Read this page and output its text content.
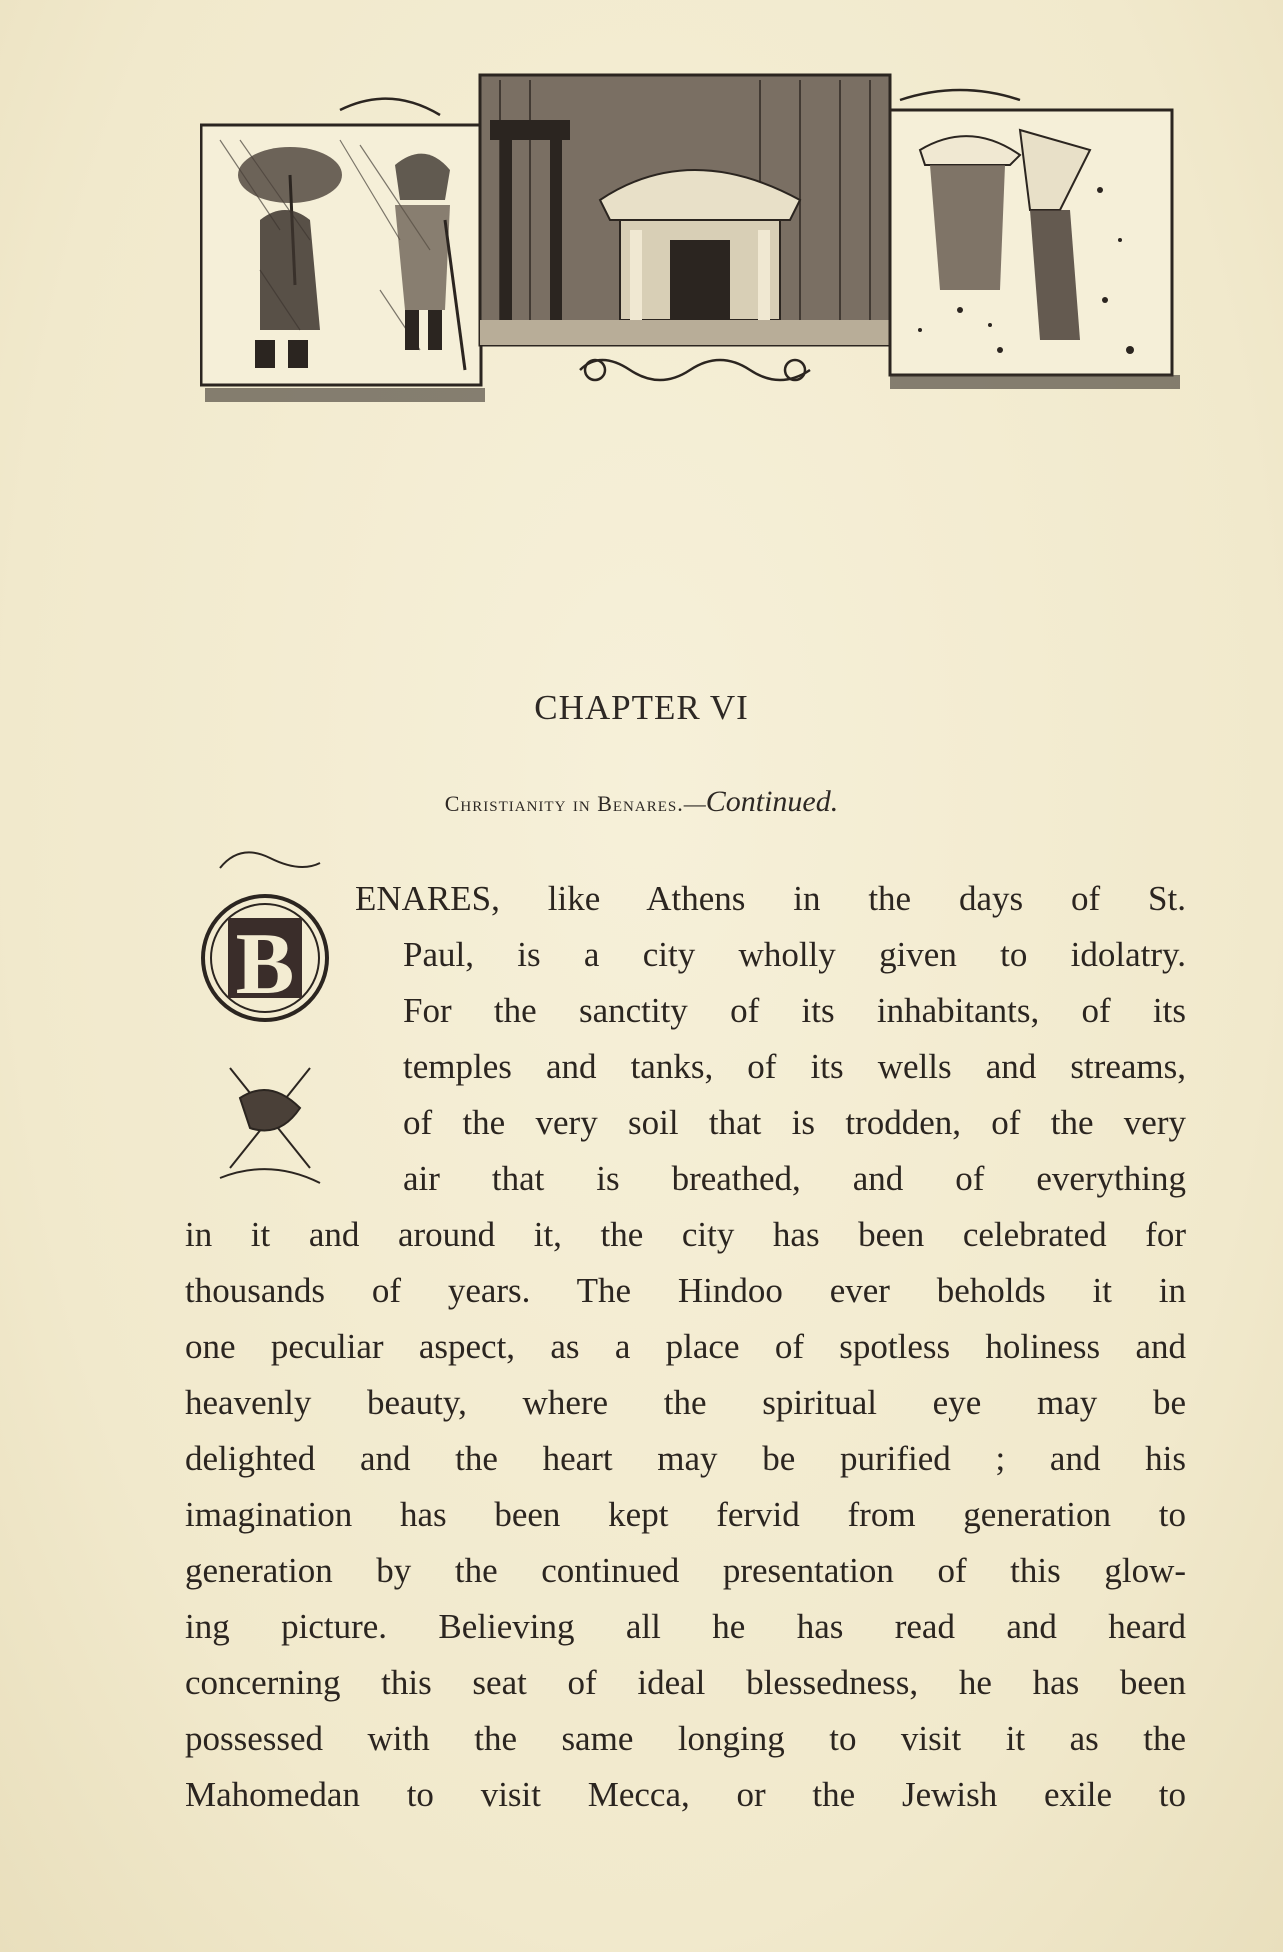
CHAPTER VI
Christianity in Benares.—Continued.
B
ENARES, like Athens in the days of St.
Paul, is a city wholly given to idolatry.
For the sanctity of its inhabitants, of its
temples and tanks, of its wells and streams,
of the very soil that is trodden, of the very
air that is breathed, and of everything
in it and around it, the city has been celebrated for
thousands of years. The Hindoo ever beholds it in
one peculiar aspect, as a place of spotless holiness and
heavenly beauty, where the spiritual eye may be
delighted and the heart may be purified ; and his
imagination has been kept fervid from generation to
generation by the continued presentation of this glow-
ing picture. Believing all he has read and heard
concerning this seat of ideal blessedness, he has been
possessed with the same longing to visit it as the
Mahomedan to visit Mecca, or the Jewish exile to
